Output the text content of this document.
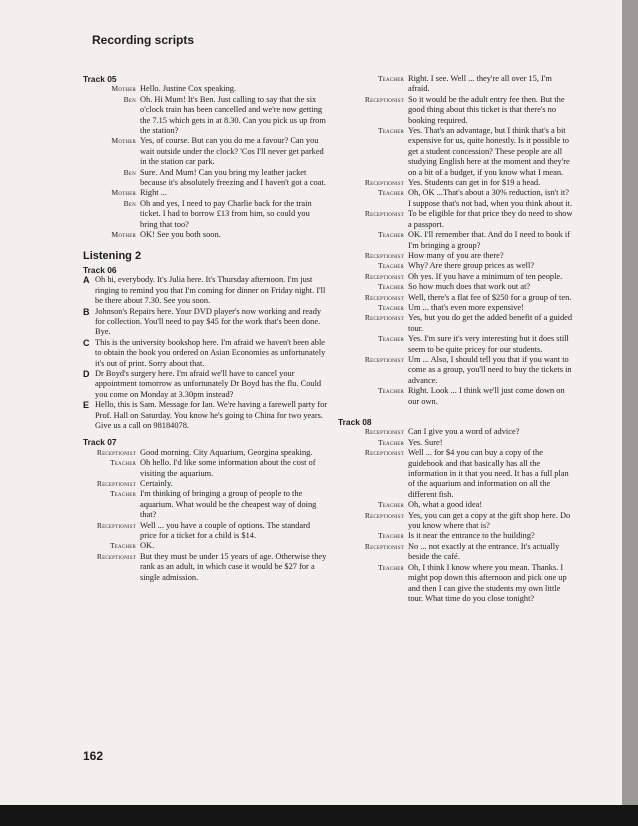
Recording scripts

Track 05

Mother Hello. Justine Cox speaking.
Ben Oh. Hi Mum! It's Ben. Just calling to say that the six o'clock train has been cancelled and we're now getting the 7.15 which gets in at 8.30. Can you pick us up from the station?
Mother Yes, of course. But can you do me a favour? Can you wait outside under the clock? 'Cos I'll never get parked in the station car park.
Ben Sure. And Mum! Can you bring my leather jacket because it's absolutely freezing and I haven't got a coat.
Mother Right ...
Ben Oh and yes, I need to pay Charlie back for the train ticket. I had to borrow £13 from him, so could you bring that too?
Mother OK! See you both soon.

Listening 2

Track 06

A Oh hi, everybody. It's Julia here. It's Thursday afternoon. I'm just ringing to remind you that I'm coming for dinner on Friday night. I'll be there about 7.30. See you soon.
B Johnson's Repairs here. Your DVD player's now working and ready for collection. You'll need to pay $45 for the work that's been done. Bye.
C This is the university bookshop here. I'm afraid we haven't been able to obtain the book you ordered on Asian Economies as unfortunately it's out of print. Sorry about that.
D Dr Boyd's surgery here. I'm afraid we'll have to cancel your appointment tomorrow as unfortunately Dr Boyd has the flu. Could you come on Monday at 3.30pm instead?
E Hello, this is Sam. Message for Ian. We're having a farewell party for Prof. Hall on Saturday. You know he's going to China for two years. Give us a call on 98184078.

Track 07

Receptionist Good morning. City Aquarium, Georgina speaking.
Teacher Oh hello. I'd like some information about the cost of visiting the aquarium.
Receptionist Certainly.
Teacher I'm thinking of bringing a group of people to the aquarium. What would be the cheapest way of doing that?
Receptionist Well ... you have a couple of options. The standard price for a ticket for a child is $14.
Teacher OK.
Receptionist But they must be under 15 years of age. Otherwise they rank as an adult, in which case it would be $27 for a single admission.
Teacher Right. I see. Well ... they're all over 15, I'm afraid.
Receptionist So it would be the adult entry fee then. But the good thing about this ticket is that there's no booking required.
Teacher Yes. That's an advantage, but I think that's a bit expensive for us, quite honestly. Is it possible to get a student concession? These people are all studying English here at the moment and they're on a bit of a budget, if you know what I mean.
Receptionist Yes. Students can get in for $19 a head.
Teacher Oh, OK ...That's about a 30% reduction, isn't it? I suppose that's not bad, when you think about it.
Receptionist To be eligible for that price they do need to show a passport.
Teacher OK. I'll remember that. And do I need to book if I'm bringing a group?
Receptionist How many of you are there?
Teacher Why? Are there group prices as well?
Receptionist Oh yes. If you have a minimum of ten people.
Teacher So how much does that work out at?
Receptionist Well, there's a flat fee of $250 for a group of ten.
Teacher Um ... that's even more expensive!
Receptionist Yes, but you do get the added benefit of a guided tour.
Teacher Yes. I'm sure it's very interesting but it does still seem to be quite pricey for our students.
Receptionist Um ... Also, I should tell you that if you want to come as a group, you'll need to buy the tickets in advance.
Teacher Right. Look ... I think we'll just come down on our own.

Track 08

Receptionist Can I give you a word of advice?
Teacher Yes. Sure!
Receptionist Well ... for $4 you can buy a copy of the guidebook and that basically has all the information in it that you need. It has a full plan of the aquarium and information on all the different fish.
Teacher Oh, what a good idea!
Receptionist Yes, you can get a copy at the gift shop here. Do you know where that is?
Teacher Is it near the entrance to the building?
Receptionist No ... not exactly at the entrance. It's actually beside the café.
Teacher Oh, I think I know where you mean. Thanks. I might pop down this afternoon and pick one up and then I can give the students my own little tour. What time do you close tonight?
162
